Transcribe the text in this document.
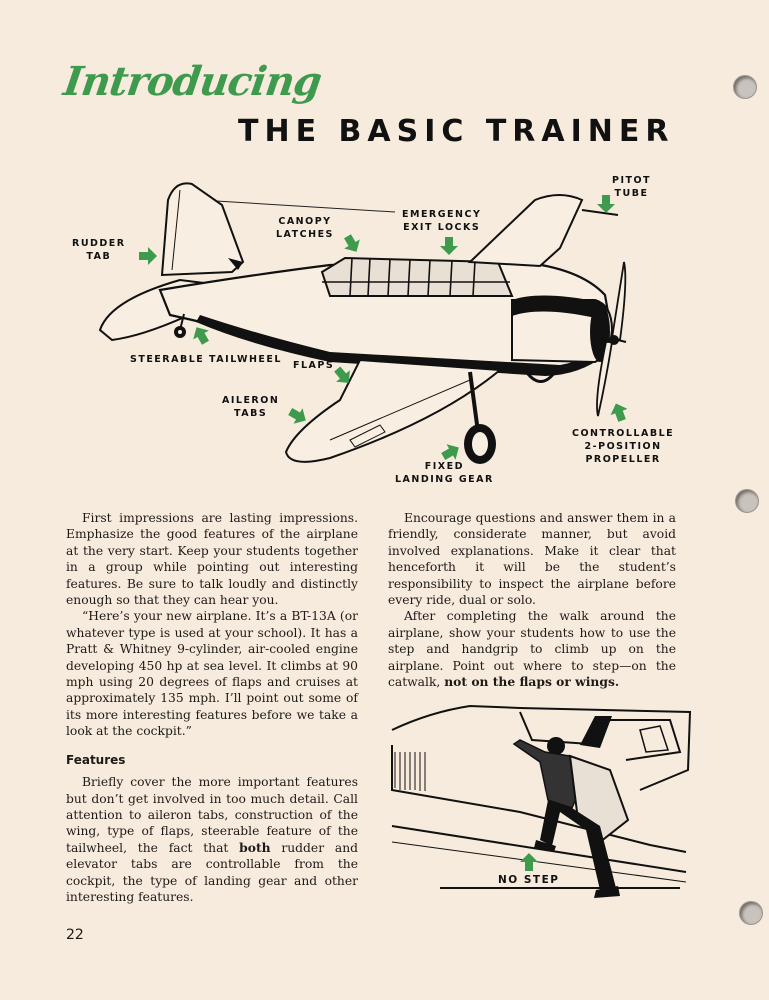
Introducing
THE BASIC TRAINER
PITOT
TUBE
EMERGENCY
EXIT LOCKS
CANOPY
LATCHES
RUDDER
TAB
STEERABLE TAILWHEEL
FLAPS
AILERON
TABS
CONTROLLABLE
2-POSITION
PROPELLER
FIXED
LANDING GEAR

First impressions are lasting impressions. Emphasize the good features of the airplane at the very start. Keep your students together in a group while pointing out interesting features. Be sure to talk loudly and distinctly enough so that they can hear you.

“Here’s your new airplane. It’s a BT-13A (or whatever type is used at your school). It has a Pratt & Whitney 9-cylinder, air-cooled engine developing 450 hp at sea level. It climbs at 90 mph using 20 degrees of flaps and cruises at approximately 135 mph. I’ll point out some of its more interesting features before we take a look at the cockpit.”

Features

Briefly cover the more important features but don’t get involved in too much detail. Call attention to aileron tabs, construction of the wing, type of flaps, steerable feature of the tailwheel, the fact that both rudder and elevator tabs are controllable from the cockpit, the type of landing gear and other interesting features.

Encourage questions and answer them in a friendly, considerate manner, but avoid involved explanations. Make it clear that henceforth it will be the student’s responsibility to inspect the airplane before every ride, dual or solo.

After completing the walk around the airplane, show your students how to use the step and handgrip to climb up on the airplane. Point out where to step—on the catwalk, not on the flaps or wings.

NO STEP
22
